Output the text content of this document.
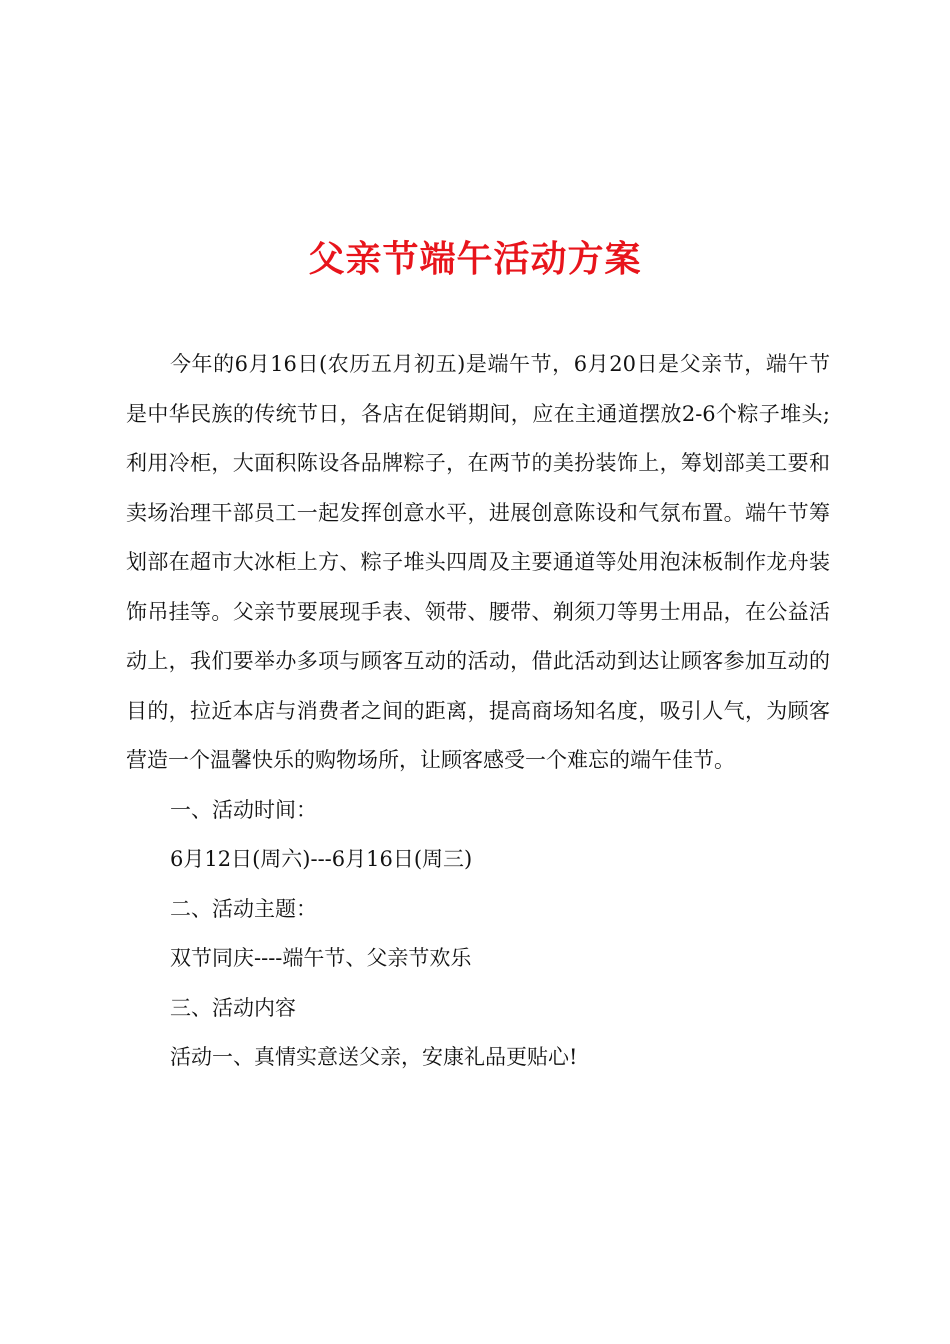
父亲节端午活动方案

今年的6月16日(农历五月初五)是端午节，6月20日是父亲节，端午节是中华民族的传统节日，各店在促销期间，应在主通道摆放2-6个粽子堆头;利用冷柜，大面积陈设各品牌粽子，在两节的美扮装饰上，筹划部美工要和卖场治理干部员工一起发挥创意水平，进展创意陈设和气氛布置。端午节筹划部在超市大冰柜上方、粽子堆头四周及主要通道等处用泡沫板制作龙舟装饰吊挂等。父亲节要展现手表、领带、腰带、剃须刀等男士用品，在公益活动上，我们要举办多项与顾客互动的活动，借此活动到达让顾客参加互动的目的，拉近本店与消费者之间的距离，提高商场知名度，吸引人气，为顾客营造一个温馨快乐的购物场所，让顾客感受一个难忘的端午佳节。

一、活动时间：

6月12日(周六)---6月16日(周三)

二、活动主题：

双节同庆----端午节、父亲节欢乐

三、活动内容

活动一、真情实意送父亲，安康礼品更贴心!
